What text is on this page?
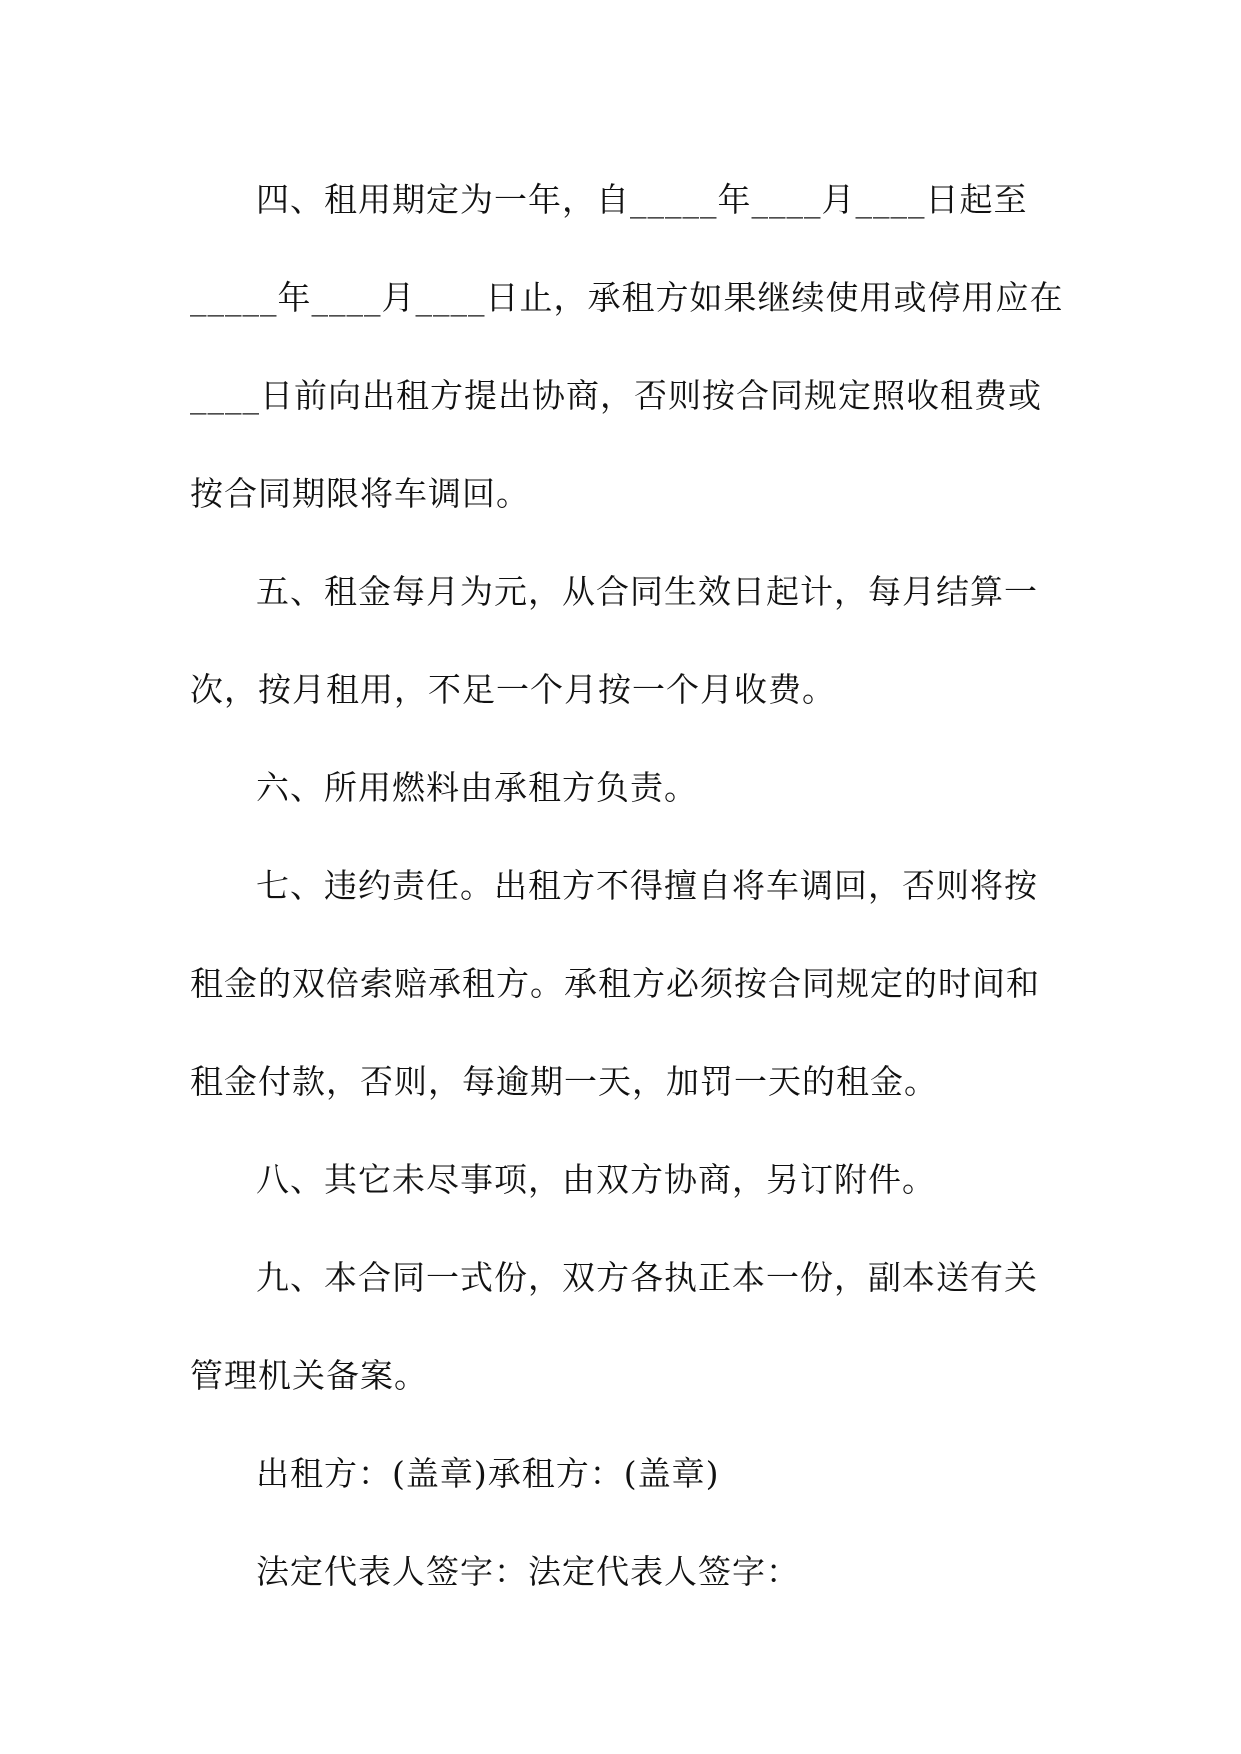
四、租用期定为一年，自_____年____月____日起至
_____年____月____日止，承租方如果继续使用或停用应在
____日前向出租方提出协商，否则按合同规定照收租费或
按合同期限将车调回。
五、租金每月为元，从合同生效日起计，每月结算一
次，按月租用，不足一个月按一个月收费。
六、所用燃料由承租方负责。
七、违约责任。出租方不得擅自将车调回，否则将按
租金的双倍索赔承租方。承租方必须按合同规定的时间和
租金付款，否则，每逾期一天，加罚一天的租金。
八、其它未尽事项，由双方协商，另订附件。
九、本合同一式份，双方各执正本一份，副本送有关
管理机关备案。
出租方：(盖章)承租方：(盖章)
法定代表人签字：法定代表人签字：
